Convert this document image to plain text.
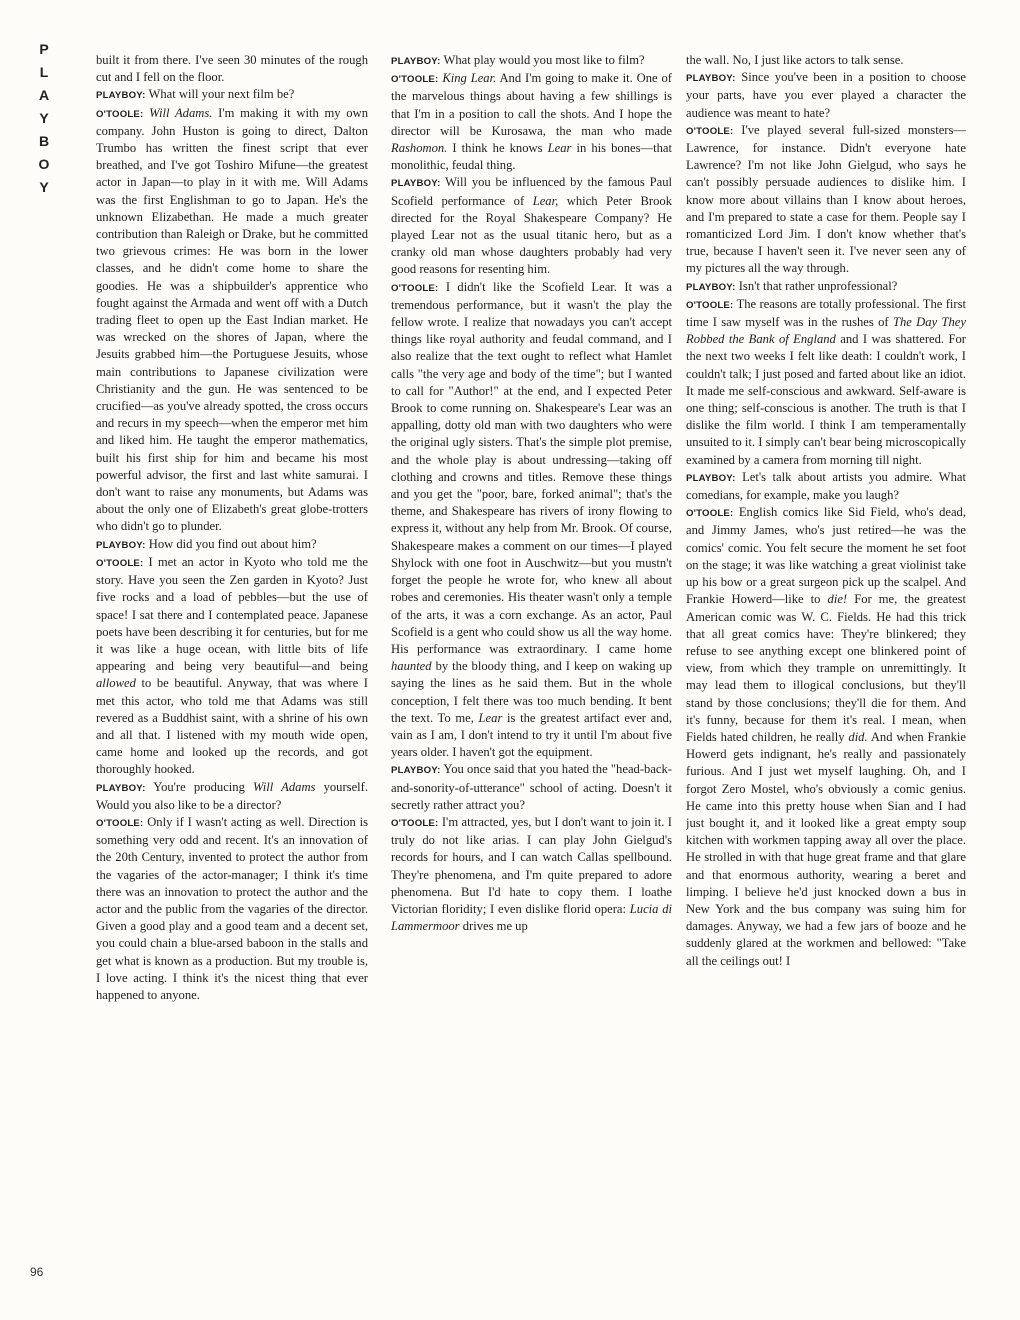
P
L
A
Y
B
O
Y
96

built it from there. I've seen 30 minutes of the rough cut and I fell on the floor.

PLAYBOY: What will your next film be?

O'TOOLE: Will Adams. I'm making it with my own company. John Huston is going to direct, Dalton Trumbo has written the finest script that ever breathed, and I've got Toshiro Mifune—the greatest actor in Japan—to play in it with me. Will Adams was the first Englishman to go to Japan. He's the unknown Elizabethan. He made a much greater contribution than Raleigh or Drake, but he committed two grievous crimes: He was born in the lower classes, and he didn't come home to share the goodies. He was a shipbuilder's apprentice who fought against the Armada and went off with a Dutch trading fleet to open up the East Indian market. He was wrecked on the shores of Japan, where the Jesuits grabbed him—the Portuguese Jesuits, whose main contributions to Japanese civilization were Christianity and the gun. He was sentenced to be crucified—as you've already spotted, the cross occurs and recurs in my speech—when the emperor met him and liked him. He taught the emperor mathematics, built his first ship for him and became his most powerful advisor, the first and last white samurai. I don't want to raise any monuments, but Adams was about the only one of Elizabeth's great globe-trotters who didn't go to plunder.

PLAYBOY: How did you find out about him?

O'TOOLE: I met an actor in Kyoto who told me the story. Have you seen the Zen garden in Kyoto? Just five rocks and a load of pebbles—but the use of space! I sat there and I contemplated peace. Japanese poets have been describing it for centuries, but for me it was like a huge ocean, with little bits of life appearing and being very beautiful—and being allowed to be beautiful. Anyway, that was where I met this actor, who told me that Adams was still revered as a Buddhist saint, with a shrine of his own and all that. I listened with my mouth wide open, came home and looked up the records, and got thoroughly hooked.

PLAYBOY: You're producing Will Adams yourself. Would you also like to be a director?

O'TOOLE: Only if I wasn't acting as well. Direction is something very odd and recent. It's an innovation of the 20th Century, invented to protect the author from the vagaries of the actor-manager; I think it's time there was an innovation to protect the author and the actor and the public from the vagaries of the director. Given a good play and a good team and a decent set, you could chain a blue-arsed baboon in the stalls and get what is known as a production. But my trouble is, I love acting. I think it's the nicest thing that ever happened to anyone.

PLAYBOY: What play would you most like to film?

O'TOOLE: King Lear. And I'm going to make it. One of the marvelous things about having a few shillings is that I'm in a position to call the shots. And I hope the director will be Kurosawa, the man who made Rashomon. I think he knows Lear in his bones—that monolithic, feudal thing.

PLAYBOY: Will you be influenced by the famous Paul Scofield performance of Lear, which Peter Brook directed for the Royal Shakespeare Company? He played Lear not as the usual titanic hero, but as a cranky old man whose daughters probably had very good reasons for resenting him.

O'TOOLE: I didn't like the Scofield Lear. It was a tremendous performance, but it wasn't the play the fellow wrote. I realize that nowadays you can't accept things like royal authority and feudal command, and I also realize that the text ought to reflect what Hamlet calls "the very age and body of the time"; but I wanted to call for "Author!" at the end, and I expected Peter Brook to come running on. Shakespeare's Lear was an appalling, dotty old man with two daughters who were the original ugly sisters. That's the simple plot premise, and the whole play is about undressing—taking off clothing and crowns and titles. Remove these things and you get the "poor, bare, forked animal"; that's the theme, and Shakespeare has rivers of irony flowing to express it, without any help from Mr. Brook. Of course, Shakespeare makes a comment on our times—I played Shylock with one foot in Auschwitz—but you mustn't forget the people he wrote for, who knew all about robes and ceremonies. His theater wasn't only a temple of the arts, it was a corn exchange. As an actor, Paul Scofield is a gent who could show us all the way home. His performance was extraordinary. I came home haunted by the bloody thing, and I keep on waking up saying the lines as he said them. But in the whole conception, I felt there was too much bending. It bent the text. To me, Lear is the greatest artifact ever and, vain as I am, I don't intend to try it until I'm about five years older. I haven't got the equipment.

PLAYBOY: You once said that you hated the "head-back-and-sonority-of-utterance" school of acting. Doesn't it secretly rather attract you?

O'TOOLE: I'm attracted, yes, but I don't want to join it. I truly do not like arias. I can play John Gielgud's records for hours, and I can watch Callas spellbound. They're phenomena, and I'm quite prepared to adore phenomena. But I'd hate to copy them. I loathe Victorian floridity; I even dislike florid opera: Lucia di Lammermoor drives me up

the wall. No, I just like actors to talk sense.

PLAYBOY: Since you've been in a position to choose your parts, have you ever played a character the audience was meant to hate?

O'TOOLE: I've played several full-sized monsters—Lawrence, for instance. Didn't everyone hate Lawrence? I'm not like John Gielgud, who says he can't possibly persuade audiences to dislike him. I know more about villains than I know about heroes, and I'm prepared to state a case for them. People say I romanticized Lord Jim. I don't know whether that's true, because I haven't seen it. I've never seen any of my pictures all the way through.

PLAYBOY: Isn't that rather unprofessional?

O'TOOLE: The reasons are totally professional. The first time I saw myself was in the rushes of The Day They Robbed the Bank of England and I was shattered. For the next two weeks I felt like death: I couldn't work, I couldn't talk; I just posed and farted about like an idiot. It made me self-conscious and awkward. Self-aware is one thing; self-conscious is another. The truth is that I dislike the film world. I think I am temperamentally unsuited to it. I simply can't bear being microscopically examined by a camera from morning till night.

PLAYBOY: Let's talk about artists you admire. What comedians, for example, make you laugh?

O'TOOLE: English comics like Sid Field, who's dead, and Jimmy James, who's just retired—he was the comics' comic. You felt secure the moment he set foot on the stage; it was like watching a great violinist take up his bow or a great surgeon pick up the scalpel. And Frankie Howerd—like to die! For me, the greatest American comic was W. C. Fields. He had this trick that all great comics have: They're blinkered; they refuse to see anything except one blinkered point of view, from which they trample on unremittingly. It may lead them to illogical conclusions, but they'll stand by those conclusions; they'll die for them. And it's funny, because for them it's real. I mean, when Fields hated children, he really did. And when Frankie Howerd gets indignant, he's really and passionately furious. And I just wet myself laughing. Oh, and I forgot Zero Mostel, who's obviously a comic genius. He came into this pretty house when Sian and I had just bought it, and it looked like a great empty soup kitchen with workmen tapping away all over the place. He strolled in with that huge great frame and that glare and that enormous authority, wearing a beret and limping. I believe he'd just knocked down a bus in New York and the bus company was suing him for damages. Anyway, we had a few jars of booze and he suddenly glared at the workmen and bellowed: "Take all the ceilings out! I
